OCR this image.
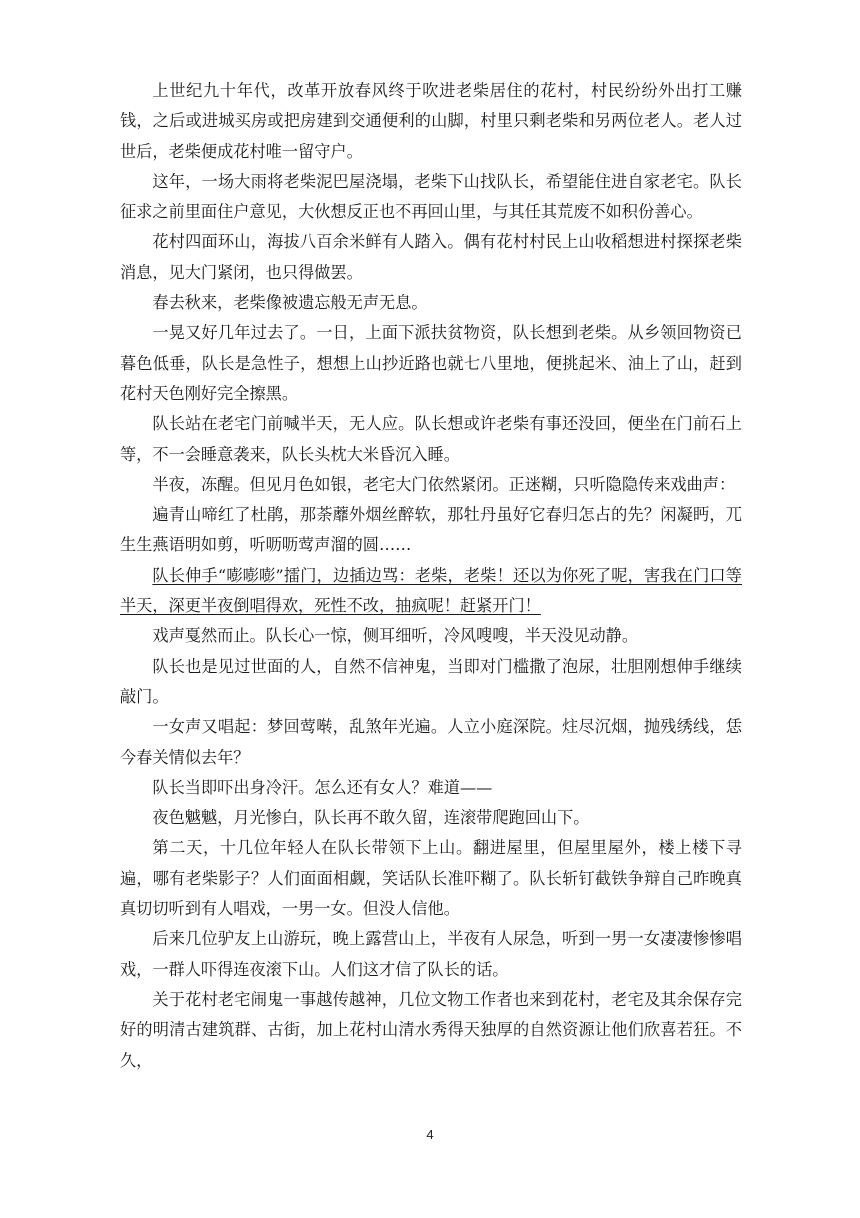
上世纪九十年代，改革开放春风终于吹进老柴居住的花村，村民纷纷外出打工赚钱，之后或进城买房或把房建到交通便利的山脚，村里只剩老柴和另两位老人。老人过世后，老柴便成花村唯一留守户。

这年，一场大雨将老柴泥巴屋浇塌，老柴下山找队长，希望能住进自家老宅。队长征求之前里面住户意见，大伙想反正也不再回山里，与其任其荒废不如积份善心。

花村四面环山，海拔八百余米鲜有人踏入。偶有花村村民上山收稻想进村探探老柴消息，见大门紧闭，也只得做罢。

春去秋来，老柴像被遗忘般无声无息。

一晃又好几年过去了。一日，上面下派扶贫物资，队长想到老柴。从乡领回物资已暮色低垂，队长是急性子，想想上山抄近路也就七八里地，便挑起米、油上了山，赶到花村天色刚好完全擦黑。

队长站在老宅门前喊半天，无人应。队长想或许老柴有事还没回，便坐在门前石上等，不一会睡意袭来，队长头枕大米昏沉入睡。

半夜，冻醒。但见月色如银，老宅大门依然紧闭。正迷糊，只听隐隐传来戏曲声：

遍青山啼红了杜鹃，那荼蘼外烟丝醉软，那牡丹虽好它春归怎占的先？闲凝眄，兀生生燕语明如剪，听呖呖莺声溜的圆……

队长伸手“嘭嘭嘭”擂门，边插边骂：老柴，老柴！还以为你死了呢，害我在门口等半天，深更半夜倒唱得欢，死性不改，抽疯呢！赶紧开门！

戏声戛然而止。队长心一惊，侧耳细听，冷风嗖嗖，半天没见动静。

队长也是见过世面的人，自然不信神鬼，当即对门槛撒了泡尿，壮胆刚想伸手继续敲门。

一女声又唱起：梦回莺啭，乱煞年光遍。人立小庭深院。炷尽沉烟，抛残绣线，恁今春关情似去年？

队长当即吓出身冷汗。怎么还有女人？难道——

夜色魆魆，月光惨白，队长再不敢久留，连滚带爬跑回山下。

第二天，十几位年轻人在队长带领下上山。翻进屋里，但屋里屋外，楼上楼下寻遍，哪有老柴影子？人们面面相觑，笑话队长准吓糊了。队长斩钉截铁争辩自己昨晚真真切切听到有人唱戏，一男一女。但没人信他。

后来几位驴友上山游玩，晚上露营山上，半夜有人尿急，听到一男一女凄凄惨惨唱戏，一群人吓得连夜滚下山。人们这才信了队长的话。

关于花村老宅闹鬼一事越传越神，几位文物工作者也来到花村，老宅及其余保存完好的明清古建筑群、古街，加上花村山清水秀得天独厚的自然资源让他们欣喜若狂。不久，

4
